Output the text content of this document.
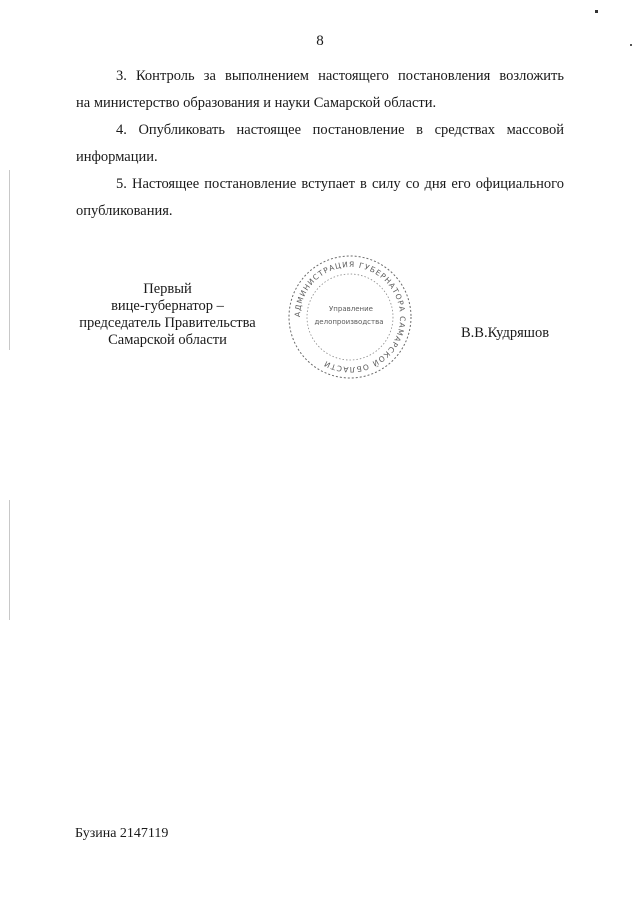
8
3. Контроль за выполнением настоящего постановления возложить
на министерство образования и науки Самарской области.
4. Опубликовать настоящее постановление в средствах массовой
информации.
5. Настоящее постановление вступает в силу со дня его официального
опубликования.
Первый
вице-губернатор –
председатель Правительства
Самарской области
АДМИНИСТРАЦИЯ ГУБЕРНАТОРА САМАРСКОЙ ОБЛАСТИ
Управление
делопроизводства
В.В.Кудряшов
Бузина 2147119
